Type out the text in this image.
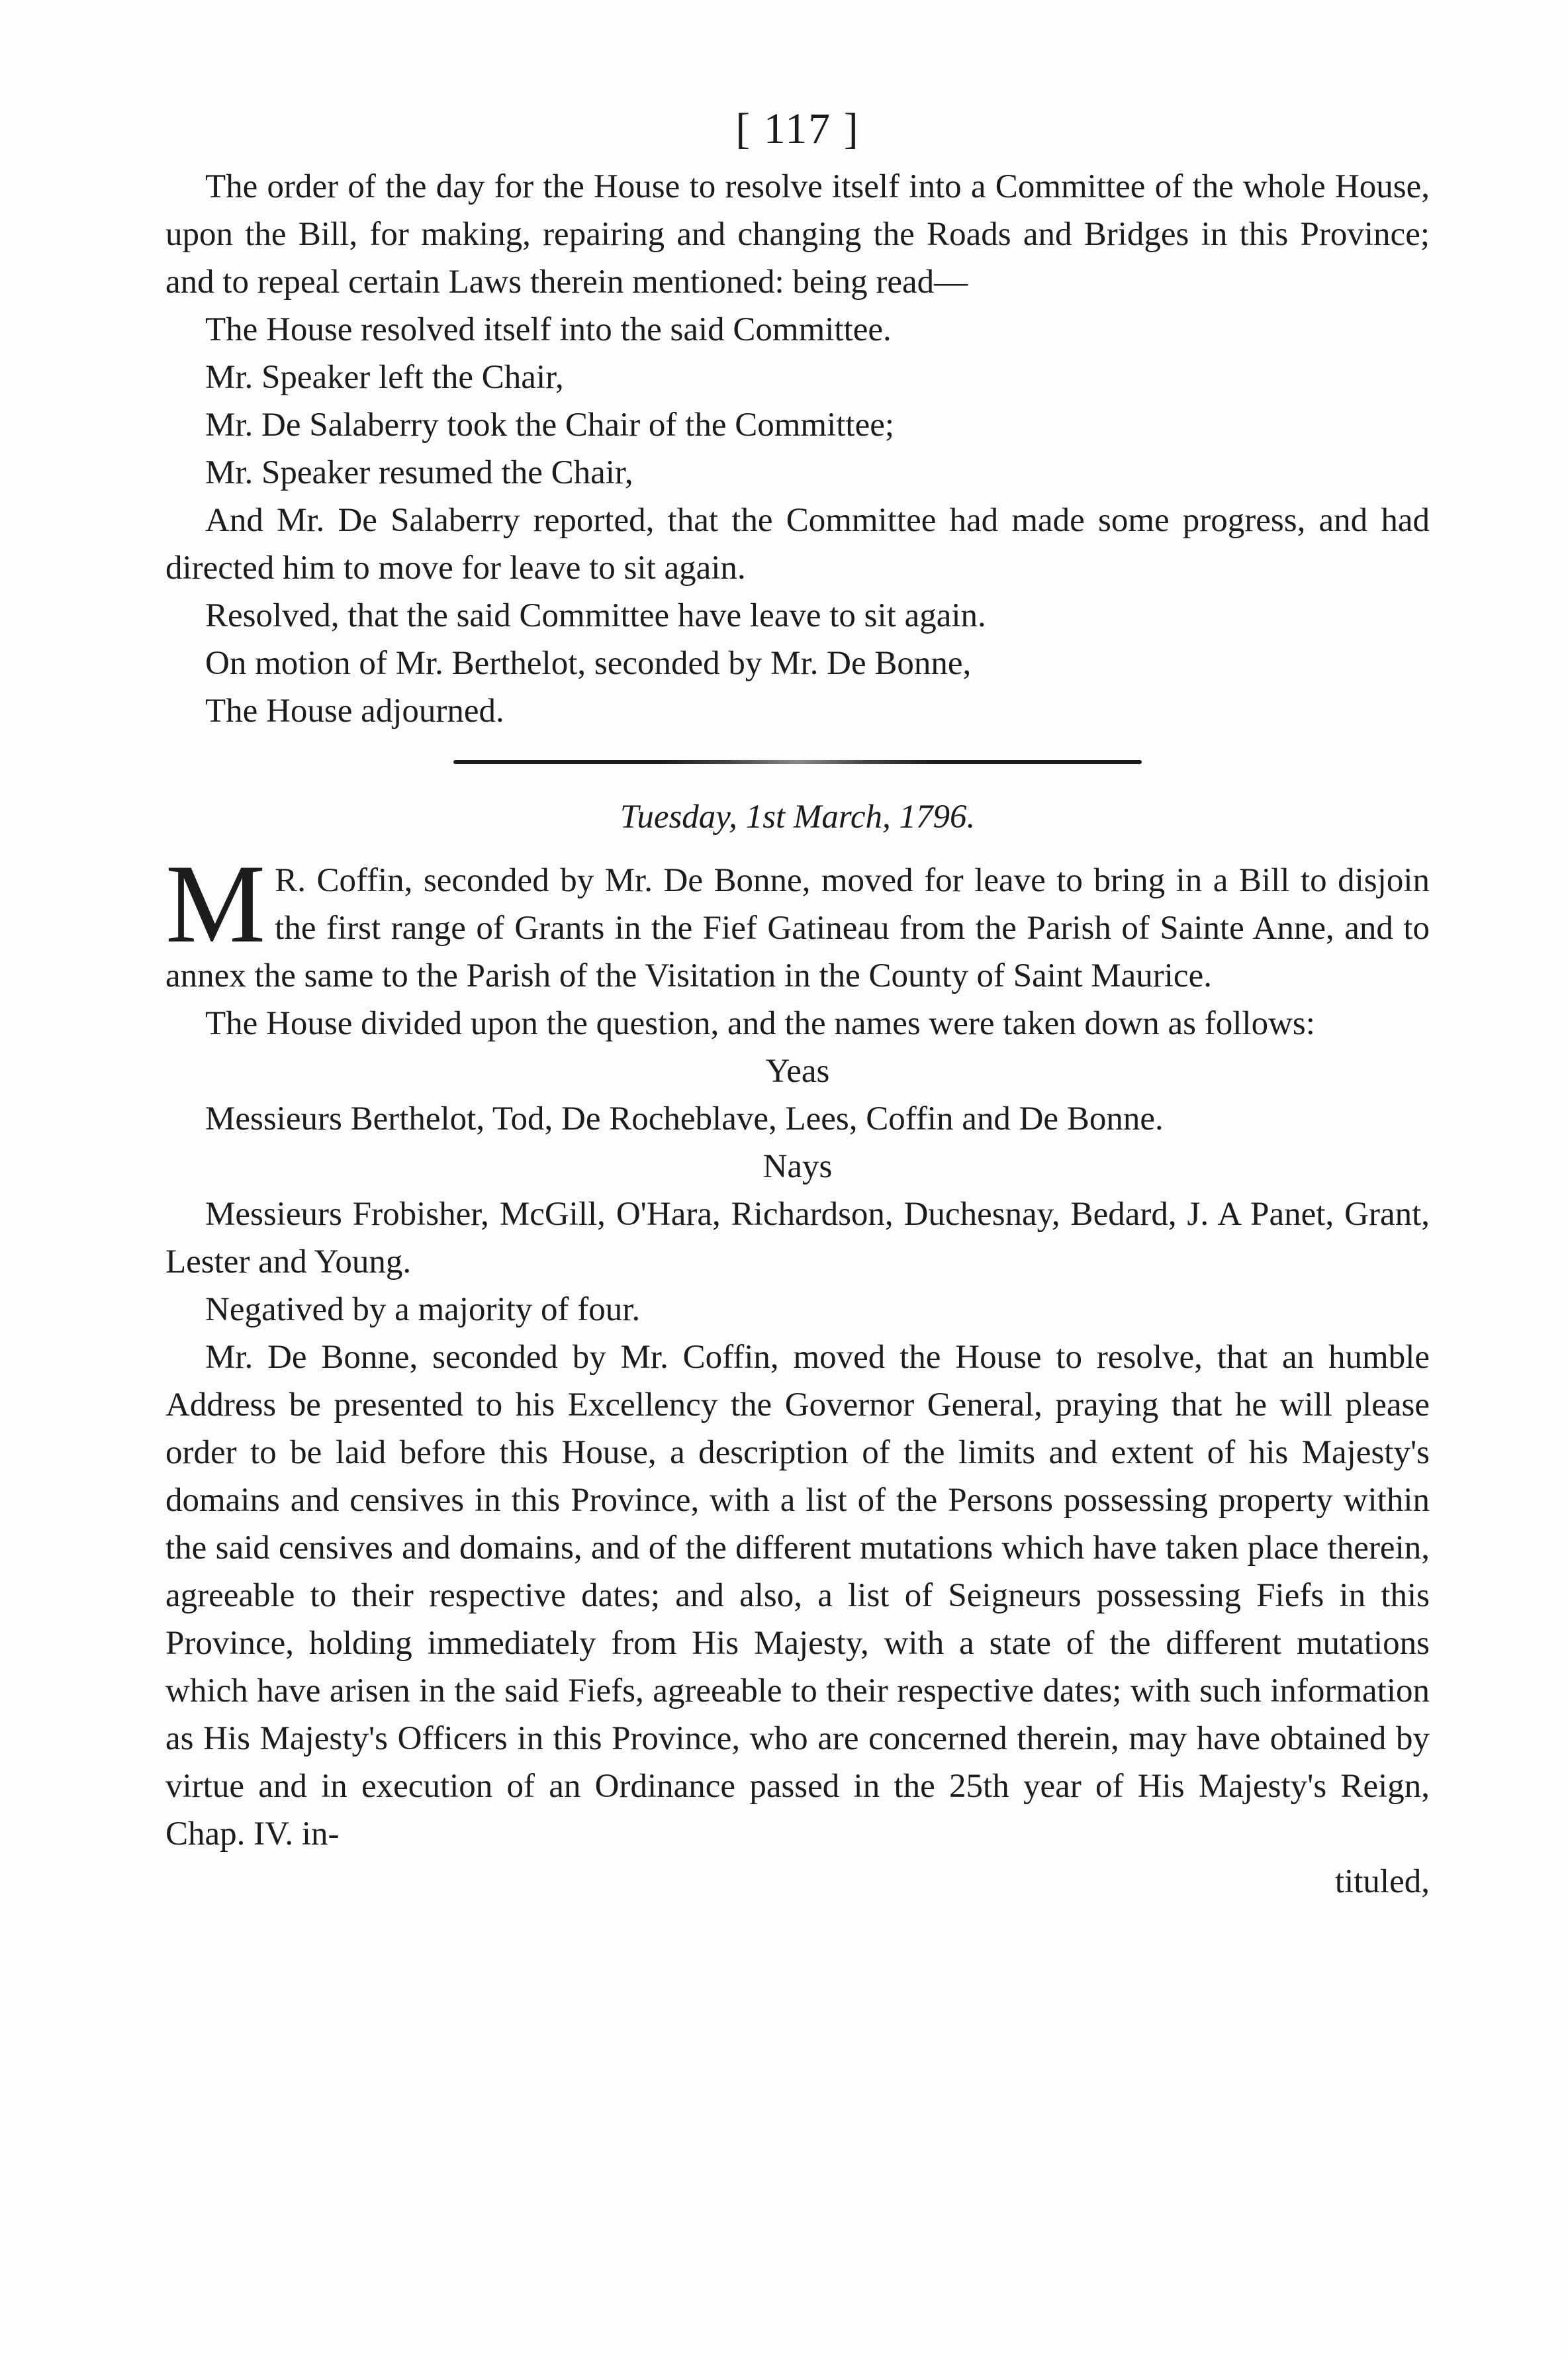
[ 117 ]

The order of the day for the House to resolve itself into a Committee of the whole House, upon the Bill, for making, repairing and changing the Roads and Bridges in this Province; and to repeal certain Laws therein mentioned: being read—

The House resolved itself into the said Committee.

Mr. Speaker left the Chair,

Mr. De Salaberry took the Chair of the Committee;

Mr. Speaker resumed the Chair,

And Mr. De Salaberry reported, that the Committee had made some progress, and had directed him to move for leave to sit again.

Resolved, that the said Committee have leave to sit again.

On motion of Mr. Berthelot, seconded by Mr. De Bonne,

The House adjourned.

Tuesday, 1st March, 1796.

M R. Coffin, seconded by Mr. De Bonne, moved for leave to bring in a Bill to disjoin the first range of Grants in the Fief Gatineau from the Parish of Sainte Anne, and to annex the same to the Parish of the Visitation in the County of Saint Maurice.

The House divided upon the question, and the names were taken down as follows:

Yeas

Messieurs Berthelot, Tod, De Rocheblave, Lees, Coffin and De Bonne.

Nays

Messieurs Frobisher, McGill, O'Hara, Richardson, Duchesnay, Bedard, J. A Panet, Grant, Lester and Young.

Negatived by a majority of four.

Mr. De Bonne, seconded by Mr. Coffin, moved the House to resolve, that an humble Address be presented to his Excellency the Governor General, praying that he will please order to be laid before this House, a description of the limits and extent of his Majesty's domains and censives in this Province, with a list of the Persons possessing property within the said censives and domains, and of the different mutations which have taken place therein, agreeable to their respective dates; and also, a list of Seigneurs possessing Fiefs in this Province, holding immediately from His Majesty, with a state of the different mutations which have arisen in the said Fiefs, agreeable to their respective dates; with such information as His Majesty's Officers in this Province, who are concerned therein, may have obtained by virtue and in execution of an Ordinance passed in the 25th year of His Majesty's Reign, Chap. IV. in-

tituled,
